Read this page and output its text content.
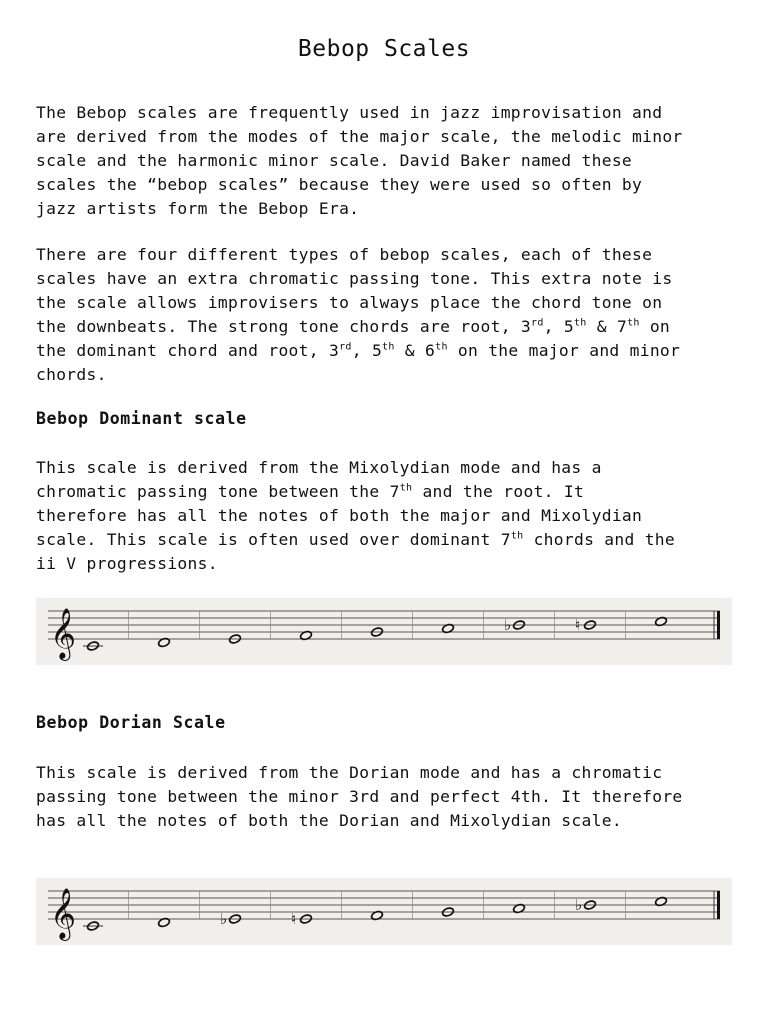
Bebop Scales
The Bebop scales are frequently used in jazz improvisation and
are derived from the modes of the major scale, the melodic minor
scale and the harmonic minor scale. David Baker named these
scales the “bebop scales” because they were used so often by
jazz artists form the Bebop Era.
There are four different types of bebop scales, each of these
scales have an extra chromatic passing tone. This extra note is
the scale allows improvisers to always place the chord tone on
the downbeats. The strong tone chords are root, 3rd, 5th & 7th on
the dominant chord and root, 3rd, 5th & 6th on the major and minor
chords.
Bebop Dominant scale
This scale is derived from the Mixolydian mode and has a
chromatic passing tone between the 7th and the root. It
therefore has all the notes of both the major and Mixolydian
scale. This scale is often used over dominant 7th chords and the
ii V progressions.
𝄞	♭	♮
Bebop Dorian Scale
This scale is derived from the Dorian mode and has a chromatic
passing tone between the minor 3rd and perfect 4th. It therefore
has all the notes of both the Dorian and Mixolydian scale.
𝄞	♭	♮
♭
